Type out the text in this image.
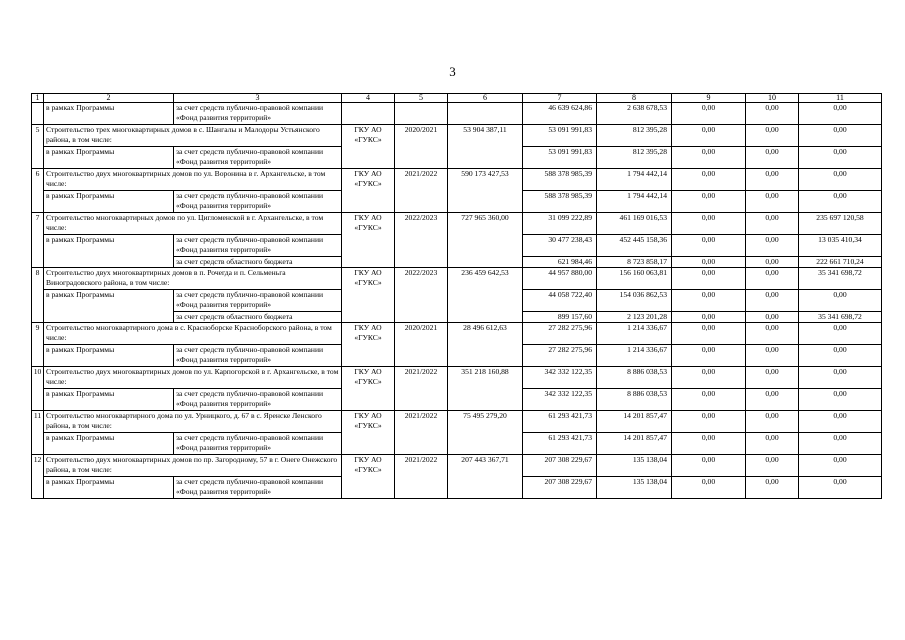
3
1	2	3	4	5	6	7	8	9	10	11
	в рамках Программы	за счет средств публично-правовой компании «Фонд развития территорий»				46 639 624,86	2 638 678,53	0,00	0,00	0,00
5	Строительство трех многоквартирных домов в с. Шангалы и Малодоры Устьянского района, в том числе:		ГКУ АО «ГУКС»	2020/2021	53 904 387,11	53 091 991,83	812 395,28	0,00	0,00	0,00
	в рамках Программы	за счет средств публично-правовой компании «Фонд развития территорий»				53 091 991,83	812 395,28	0,00	0,00	0,00
6	Строительство двух многоквартирных домов по ул. Воронина в г. Архангельске, в том числе:		ГКУ АО «ГУКС»	2021/2022	590 173 427,53	588 378 985,39	1 794 442,14	0,00	0,00	0,00
	в рамках Программы	за счет средств публично-правовой компании «Фонд развития территорий»				588 378 985,39	1 794 442,14	0,00	0,00	0,00
7	Строительство многоквартирных домов по ул. Цигломенской в г. Архангельске, в том числе:		ГКУ АО «ГУКС»	2022/2023	727 965 360,00	31 099 222,89	461 169 016,53	0,00	0,00	235 697 120,58
	в рамках Программы	за счет средств публично-правовой компании «Фонд развития территорий»				30 477 238,43	452 445 158,36	0,00	0,00	13 035 410,34
		за счет средств областного бюджета				621 984,46	8 723 858,17	0,00	0,00	222 661 710,24
8	Строительство двух многоквартирных домов в п. Рочегда и п. Сельменьга Виноградовского района, в том числе:		ГКУ АО «ГУКС»	2022/2023	236 459 642,53	44 957 880,00	156 160 063,81	0,00	0,00	35 341 698,72
	в рамках Программы	за счет средств публично-правовой компании «Фонд развития территорий»				44 058 722,40	154 036 862,53	0,00	0,00	0,00
		за счет средств областного бюджета				899 157,60	2 123 201,28	0,00	0,00	35 341 698,72
9	Строительство многоквартирного дома в с. Красноборске Красноборского района, в том числе:		ГКУ АО «ГУКС»	2020/2021	28 496 612,63	27 282 275,96	1 214 336,67	0,00	0,00	0,00
	в рамках Программы	за счет средств публично-правовой компании «Фонд развития территорий»				27 282 275,96	1 214 336,67	0,00	0,00	0,00
10	Строительство двух многоквартирных домов по ул. Карпогорской в г. Архангельске, в том числе:		ГКУ АО «ГУКС»	2021/2022	351 218 160,88	342 332 122,35	8 886 038,53	0,00	0,00	0,00
	в рамках Программы	за счет средств публично-правовой компании «Фонд развития территорий»				342 332 122,35	8 886 038,53	0,00	0,00	0,00
11	Строительство многоквартирного дома по ул. Урницкого, д. 67 в с. Яренске Ленского района, в том числе:		ГКУ АО «ГУКС»	2021/2022	75 495 279,20	61 293 421,73	14 201 857,47	0,00	0,00	0,00
	в рамках Программы	за счет средств публично-правовой компании «Фонд развития территорий»				61 293 421,73	14 201 857,47	0,00	0,00	0,00
12	Строительство двух многоквартирных домов по пр. Загородному, 57 в г. Онеге Онежского района, в том числе:		ГКУ АО «ГУКС»	2021/2022	207 443 367,71	207 308 229,67	135 138,04	0,00	0,00	0,00
	в рамках Программы	за счет средств публично-правовой компании «Фонд развития территорий»				207 308 229,67	135 138,04	0,00	0,00	0,00
